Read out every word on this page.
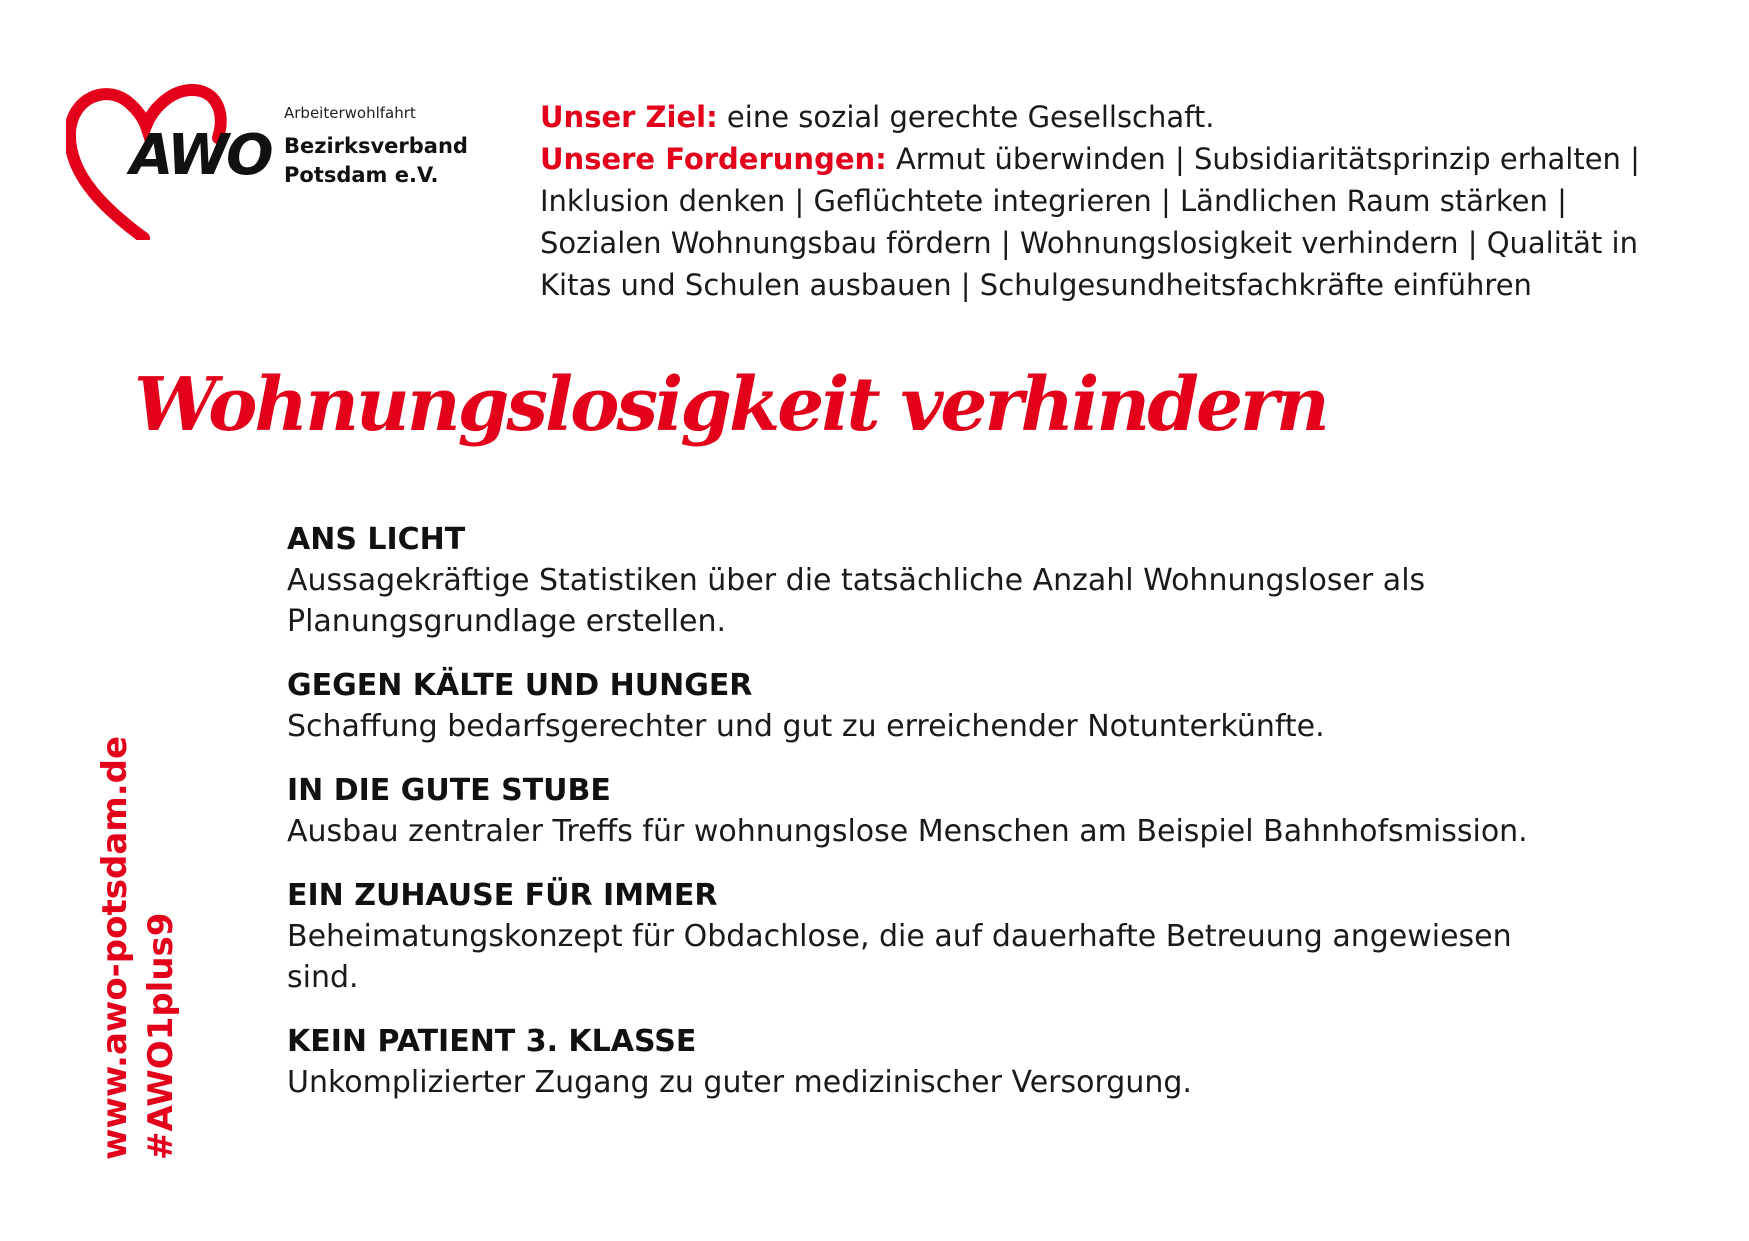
AWO
Arbeiterwohlfahrt
Bezirksverband
Potsdam e.V.
Unser Ziel: eine sozial gerechte Gesellschaft.
Unsere Forderungen: Armut überwinden | Subsidiaritätsprinzip erhalten | Inklusion denken | Geflüchtete integrieren | Ländlichen Raum stärken | Sozialen Wohnungsbau fördern | Wohnungslosigkeit verhindern | Qualität in Kitas und Schulen ausbauen | Schulgesundheitsfachkräfte einführen
Wohnungslosigkeit verhindern
www.awo-potsdam.de #AWO1plus9
ANS LICHT
Aussagekräftige Statistiken über die tatsächliche Anzahl Wohnungsloser als Planungsgrundlage erstellen.
GEGEN KÄLTE UND HUNGER
Schaffung bedarfsgerechter und gut zu erreichender Notunterkünfte.
IN DIE GUTE STUBE
Ausbau zentraler Treffs für wohnungslose Menschen am Beispiel Bahnhofsmission.
EIN ZUHAUSE FÜR IMMER
Beheimatungskonzept für Obdachlose, die auf dauerhafte Betreuung angewiesen sind.
KEIN PATIENT 3. KLASSE
Unkomplizierter Zugang zu guter medizinischer Versorgung.
